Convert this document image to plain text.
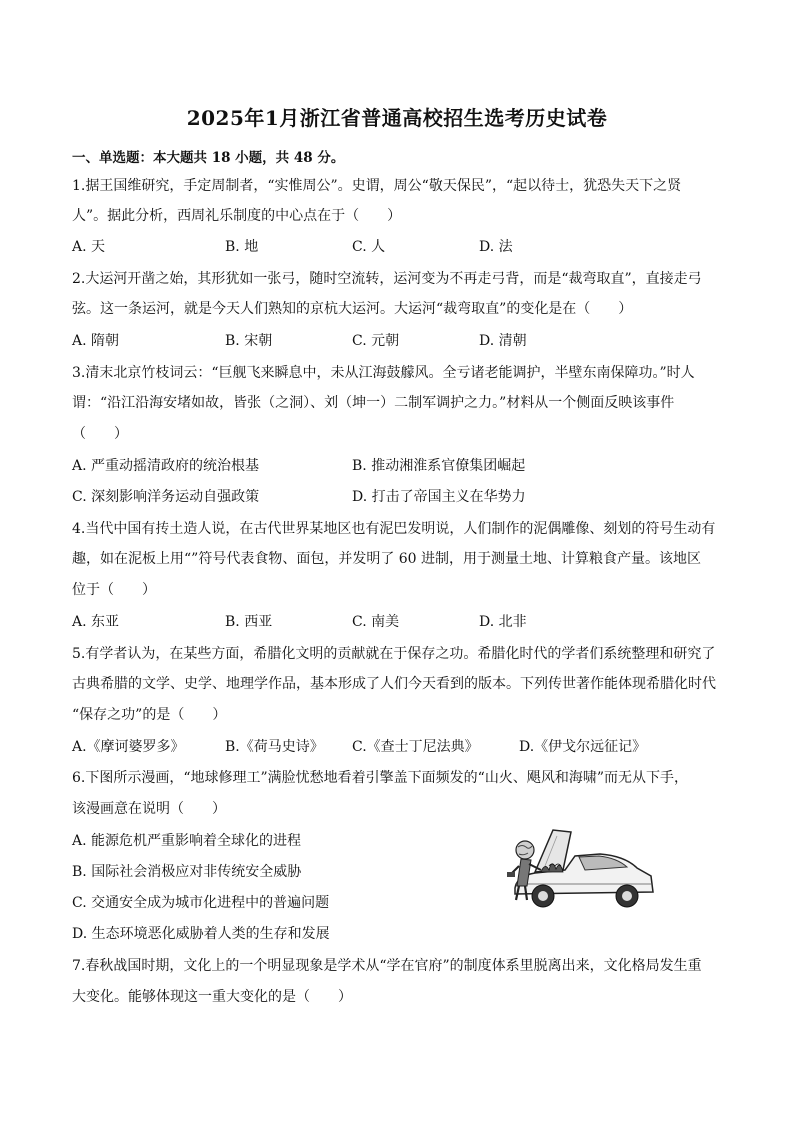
2025年1月浙江省普通高校招生选考历史试卷
一、单选题：本大题共 18 小题，共 48 分。
1.据王国维研究，手定周制者，“实惟周公”。史谓，周公“敬天保民”，“起以待士，犹恐失天下之贤
人”。据此分析，西周礼乐制度的中心点在于（　　）
A. 天	B. 地	C. 人	D. 法
2.大运河开凿之始，其形犹如一张弓，随时空流转，运河变为不再走弓背，而是“裁弯取直”，直接走弓
弦。这一条运河，就是今天人们熟知的京杭大运河。大运河“裁弯取直”的变化是在（　　）
A. 隋朝	B. 宋朝	C. 元朝	D. 清朝
3.清末北京竹枝词云：“巨舰飞来瞬息中，未从江海鼓艨风。全亏诸老能调护，半壁东南保障功。”时人
谓：“沿江沿海安堵如故，皆张（之洞）、刘（坤一）二制军调护之力。”材料从一个侧面反映该事件
（　　）
A. 严重动摇清政府的统治根基	B. 推动湘淮系官僚集团崛起
C. 深刻影响洋务运动自强政策	D. 打击了帝国主义在华势力
4.当代中国有抟土造人说，在古代世界某地区也有泥巴发明说，人们制作的泥偶雕像、刻划的符号生动有
趣，如在泥板上用“”符号代表食物、面包，并发明了 60 进制，用于测量土地、计算粮食产量。该地区
位于（　　）
A. 东亚	B. 西亚	C. 南美	D. 北非
5.有学者认为，在某些方面，希腊化文明的贡献就在于保存之功。希腊化时代的学者们系统整理和研究了
古典希腊的文学、史学、地理学作品，基本形成了人们今天看到的版本。下列传世著作能体现希腊化时代
“保存之功”的是（　　）
A.《摩诃婆罗多》	B.《荷马史诗》 C.《查士丁尼法典》	D.《伊戈尔远征记》
6.下图所示漫画，“地球修理工”满脸忧愁地看着引擎盖下面频发的“山火、飓风和海啸”而无从下手，
该漫画意在说明（　　）
A. 能源危机严重影响着全球化的进程
B. 国际社会消极应对非传统安全威胁
C. 交通安全成为城市化进程中的普遍问题
D. 生态环境恶化威胁着人类的生存和发展
7.春秋战国时期，文化上的一个明显现象是学术从“学在官府”的制度体系里脱离出来，文化格局发生重
大变化。能够体现这一重大变化的是（　　）
